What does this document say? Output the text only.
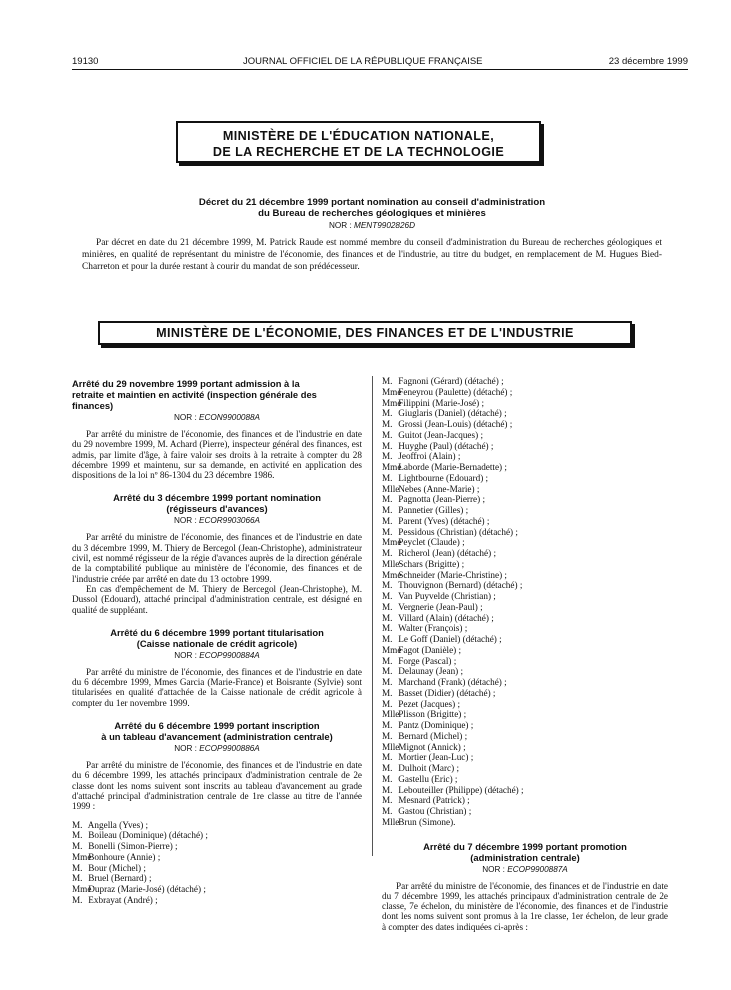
19130	JOURNAL OFFICIEL DE LA RÉPUBLIQUE FRANÇAISE	23 décembre 1999
MINISTÈRE DE L'ÉDUCATION NATIONALE,
DE LA RECHERCHE ET DE LA TECHNOLOGIE
Décret du 21 décembre 1999 portant nomination au conseil d'administration
du Bureau de recherches géologiques et minières
NOR : MENT9902826D

Par décret en date du 21 décembre 1999, M. Patrick Raude est nommé membre du conseil d'administration du Bureau de recherches géologiques et minières, en qualité de représentant du ministre de l'économie, des finances et de l'industrie, au titre du budget, en remplacement de M. Hugues Bied-Charreton et pour la durée restant à courir du mandat de son prédécesseur.

MINISTÈRE DE L'ÉCONOMIE, DES FINANCES ET DE L'INDUSTRIE
Arrêté du 29 novembre 1999 portant admission à la
retraite et maintien en activité (inspection générale des
finances)
NOR : ECON9900088A

Par arrêté du ministre de l'économie, des finances et de l'industrie en date du 29 novembre 1999, M. Achard (Pierre), inspecteur général des finances, est admis, par limite d'âge, à faire valoir ses droits à la retraite à compter du 28 décembre 1999 et maintenu, sur sa demande, en activité en application des dispositions de la loi nº 86-1304 du 23 décembre 1986.

Arrêté du 3 décembre 1999 portant nomination
(régisseurs d'avances)
NOR : ECOR9903066A

Par arrêté du ministre de l'économie, des finances et de l'industrie en date du 3 décembre 1999, M. Thiery de Bercegol (Jean-Christophe), administrateur civil, est nommé régisseur de la régie d'avances auprès de la direction générale de la comptabilité publique au ministère de l'économie, des finances et de l'industrie créée par arrêté en date du 13 octobre 1999.

En cas d'empêchement de M. Thiery de Bercegol (Jean-Christophe), M. Dussol (Edouard), attaché principal d'administration centrale, est désigné en qualité de suppléant.

Arrêté du 6 décembre 1999 portant titularisation
(Caisse nationale de crédit agricole)
NOR : ECOP9900884A

Par arrêté du ministre de l'économie, des finances et de l'industrie en date du 6 décembre 1999, Mmes Garcia (Marie-France) et Boisrante (Sylvie) sont titularisées en qualité d'attachée de la Caisse nationale de crédit agricole à compter du 1er novembre 1999.

Arrêté du 6 décembre 1999 portant inscription
à un tableau d'avancement (administration centrale)
NOR : ECOP9900886A

Par arrêté du ministre de l'économie, des finances et de l'industrie en date du 6 décembre 1999, les attachés principaux d'administration centrale de 2e classe dont les noms suivent sont inscrits au tableau d'avancement au grade d'attaché principal d'administration centrale de 1re classe au titre de l'année 1999 :

M. Angella (Yves) ;
M. Boileau (Dominique) (détaché) ;
M. Bonelli (Simon-Pierre) ;
Mme Bonhoure (Annie) ;
M. Bour (Michel) ;
M. Bruel (Bernard) ;
Mme Dupraz (Marie-José) (détaché) ;
M. Exbrayat (André) ;
M. Fagnoni (Gérard) (détaché) ;
Mme Feneyrou (Paulette) (détaché) ;
Mme Filippini (Marie-José) ;
M. Giuglaris (Daniel) (détaché) ;
M. Grossi (Jean-Louis) (détaché) ;
M. Guitot (Jean-Jacques) ;
M. Huyghe (Paul) (détaché) ;
M. Jeoffroi (Alain) ;
Mme Laborde (Marie-Bernadette) ;
M. Lightbourne (Edouard) ;
Mlle Nebes (Anne-Marie) ;
M. Pagnotta (Jean-Pierre) ;
M. Pannetier (Gilles) ;
M. Parent (Yves) (détaché) ;
M. Pessidous (Christian) (détaché) ;
Mme Peyclet (Claude) ;
M. Richerol (Jean) (détaché) ;
Mlle Schars (Brigitte) ;
Mme Schneider (Marie-Christine) ;
M. Thouvignon (Bernard) (détaché) ;
M. Van Puyvelde (Christian) ;
M. Vergnerie (Jean-Paul) ;
M. Villard (Alain) (détaché) ;
M. Walter (François) ;
M. Le Goff (Daniel) (détaché) ;
Mme Fagot (Danièle) ;
M. Forge (Pascal) ;
M. Delaunay (Jean) ;
M. Marchand (Frank) (détaché) ;
M. Basset (Didier) (détaché) ;
M. Pezet (Jacques) ;
Mlle Plisson (Brigitte) ;
M. Pantz (Dominique) ;
M. Bernard (Michel) ;
Mlle Mignot (Annick) ;
M. Mortier (Jean-Luc) ;
M. Dulhoit (Marc) ;
M. Gastellu (Eric) ;
M. Lebouteiller (Philippe) (détaché) ;
M. Mesnard (Patrick) ;
M. Gastou (Christian) ;
Mlle Brun (Simone).
Arrêté du 7 décembre 1999 portant promotion
(administration centrale)
NOR : ECOP9900887A

Par arrêté du ministre de l'économie, des finances et de l'industrie en date du 7 décembre 1999, les attachés principaux d'administration centrale de 2e classe, 7e échelon, du ministère de l'économie, des finances et de l'industrie dont les noms suivent sont promus à la 1re classe, 1er échelon, de leur grade à compter des dates indiquées ci-après :
